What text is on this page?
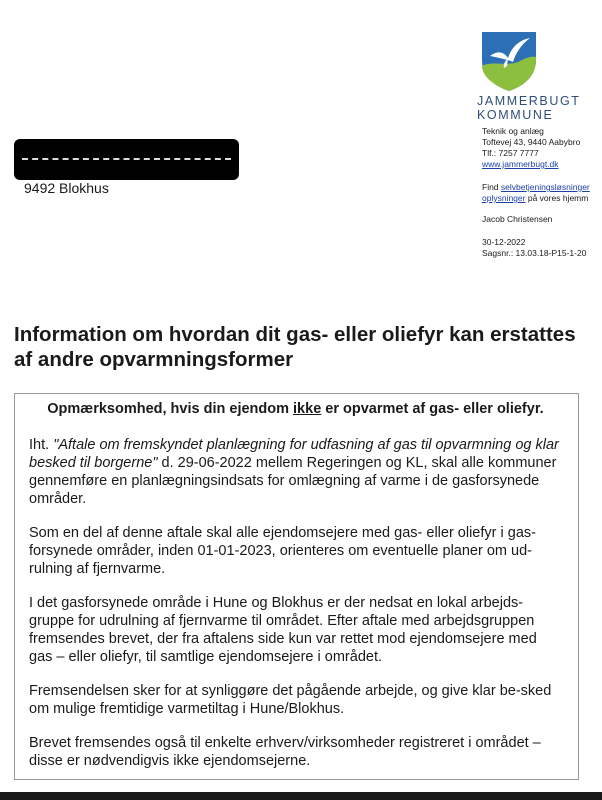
JAMMERBUGT
KOMMUNE
Teknik og anlæg
Toftevej 43, 9440 Aabybro
Tlf.: 7257 7777
www.jammerbugt.dk
Find selvbetjeningsløsninger
oplysninger på vores hjemm
Jacob Christensen
30-12-2022
Sagsnr.: 13.03.18-P15-1-20
9492 Blokhus
Information om hvordan dit gas- eller oliefyr kan erstattes af andre opvarmningsformer

Opmærksomhed, hvis din ejendom ikke er opvarmet af gas- eller oliefyr.

Iht. "Aftale om fremskyndet planlægning for udfasning af gas til opvarmning og klar besked til borgerne" d. 29-06-2022 mellem Regeringen og KL, skal alle kommuner gennemføre en planlægningsindsats for omlægning af varme i de gasforsynede områder.

Som en del af denne aftale skal alle ejendomsejere med gas- eller oliefyr i gas-forsynede områder, inden 01-01-2023, orienteres om eventuelle planer om ud-rulning af fjernvarme.

I det gasforsynede område i Hune og Blokhus er der nedsat en lokal arbejds-gruppe for udrulning af fjernvarme til området. Efter aftale med arbejdsgruppen fremsendes brevet, der fra aftalens side kun var rettet mod ejendomsejere med gas – eller oliefyr, til samtlige ejendomsejere i området.

Fremsendelsen sker for at synliggøre det pågående arbejde, og give klar be-sked om mulige fremtidige varmetiltag i Hune/Blokhus.

Brevet fremsendes også til enkelte erhverv/virksomheder registreret i området – disse er nødvendigvis ikke ejendomsejerne.
